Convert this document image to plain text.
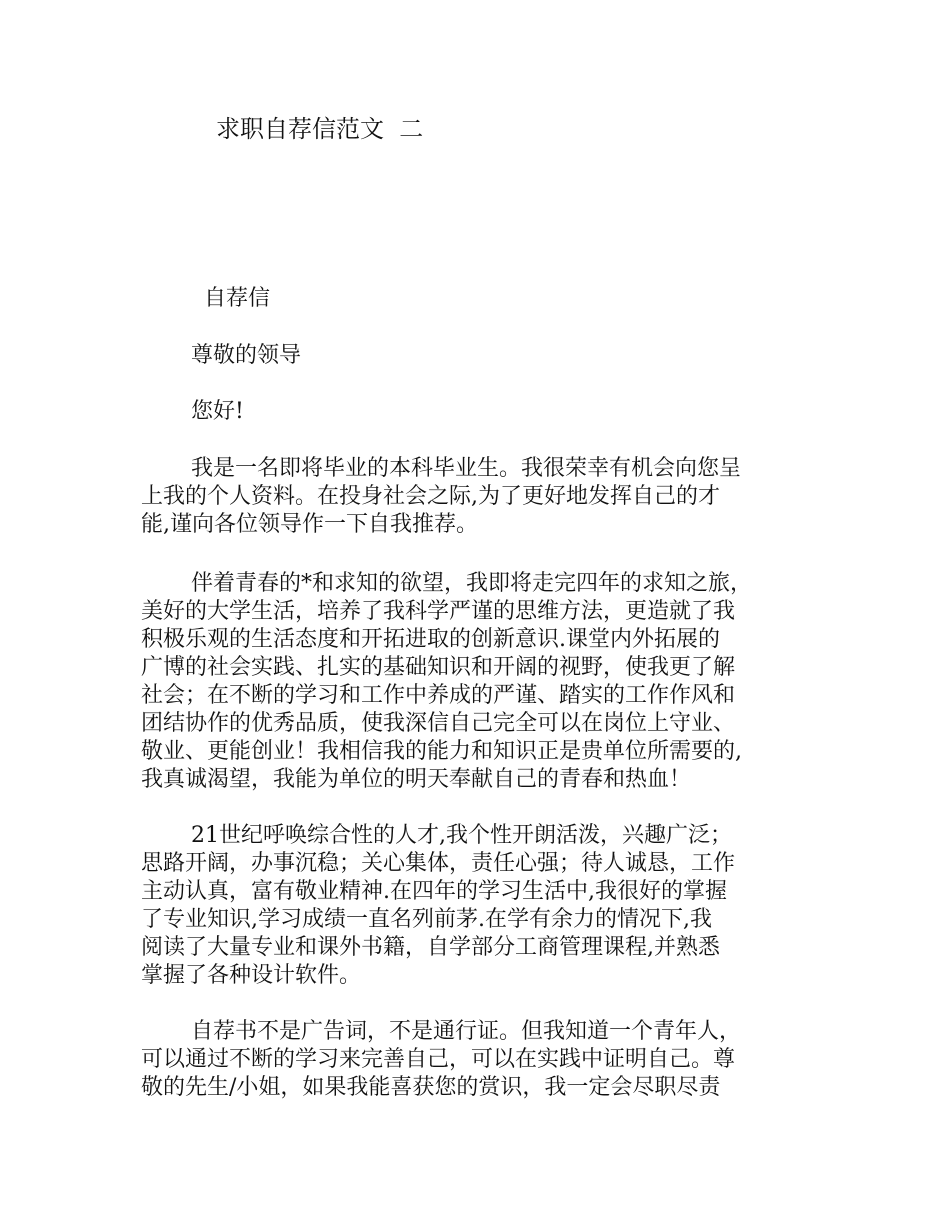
求职自荐信范文  二
自荐信
尊敬的领导
您好!
我是一名即将毕业的本科毕业生。我很荣幸有机会向您呈
上我的个人资料。在投身社会之际,为了更好地发挥自己的才
能,谨向各位领导作一下自我推荐。
伴着青春的*和求知的欲望，我即将走完四年的求知之旅，
美好的大学生活，培养了我科学严谨的思维方法，更造就了我
积极乐观的生活态度和开拓进取的创新意识.课堂内外拓展的
广博的社会实践、扎实的基础知识和开阔的视野，使我更了解
社会；在不断的学习和工作中养成的严谨、踏实的工作作风和
团结协作的优秀品质，使我深信自己完全可以在岗位上守业、
敬业、更能创业！我相信我的能力和知识正是贵单位所需要的,
我真诚渴望，我能为单位的明天奉献自己的青春和热血！
21世纪呼唤综合性的人才,我个性开朗活泼，兴趣广泛；
思路开阔，办事沉稳；关心集体，责任心强；待人诚恳，工作
主动认真，富有敬业精神.在四年的学习生活中,我很好的掌握
了专业知识,学习成绩一直名列前茅.在学有余力的情况下,我
阅读了大量专业和课外书籍，自学部分工商管理课程,并熟悉
掌握了各种设计软件。
自荐书不是广告词，不是通行证。但我知道一个青年人，
可以通过不断的学习来完善自己，可以在实践中证明自己。尊
敬的先生/小姐，如果我能喜获您的赏识，我一定会尽职尽责
